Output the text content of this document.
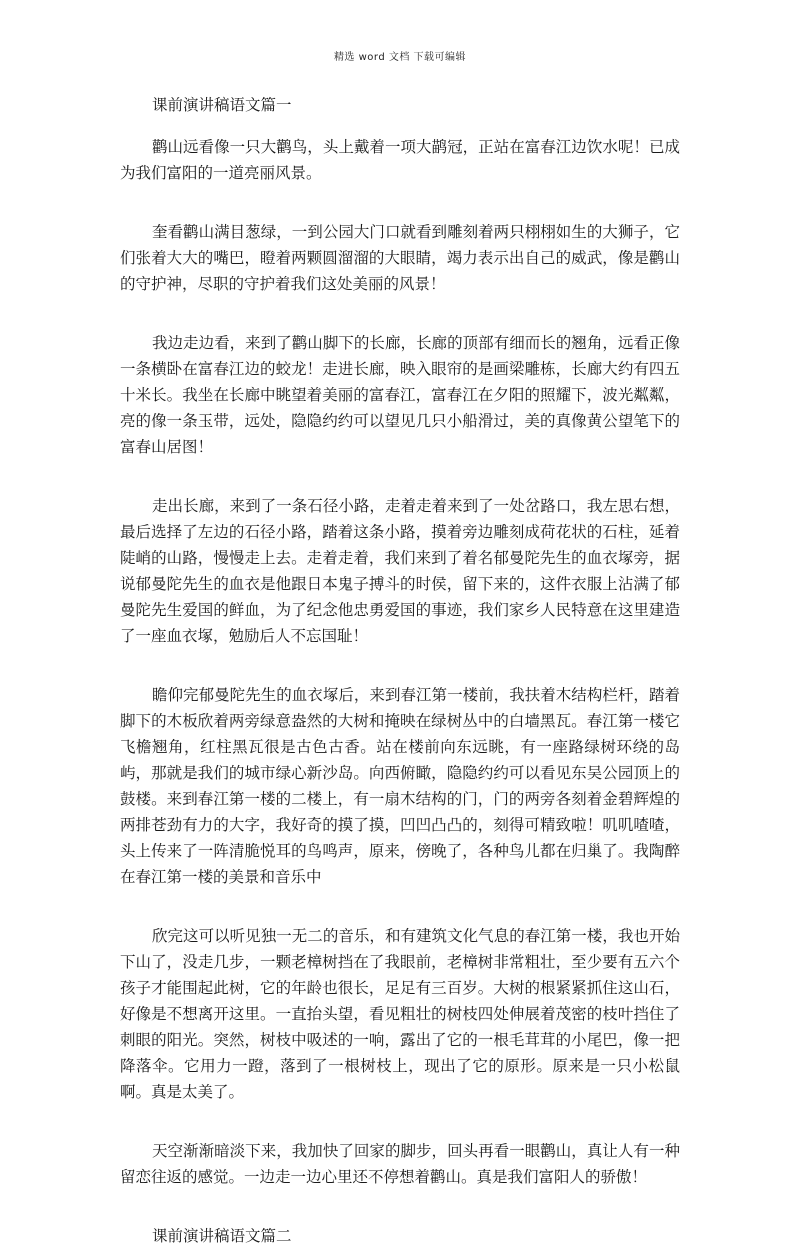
精选 word 文档 下载可编辑

课前演讲稿语文篇一

鹳山远看像一只大鹳鸟，头上戴着一项大鹋冠，正站在富春江边饮水呢！已成为我们富阳的一道亮丽风景。

奎看鹳山满目葱绿，一到公园大门口就看到雕刻着两只栩栩如生的大狮子，它们张着大大的嘴巴，瞪着两颗圆溜溜的大眼睛，竭力表示出自己的威武，像是鹳山的守护神，尽职的守护着我们这处美丽的风景！

我边走边看，来到了鹳山脚下的长廊，长廊的顶部有细而长的翘角，远看正像一条横卧在富春江边的蛟龙！走进长廊，映入眼帘的是画梁雕栋，长廊大约有四五十米长。我坐在长廊中眺望着美丽的富春江，富春江在夕阳的照耀下，波光粼粼，亮的像一条玉带，远处，隐隐约约可以望见几只小船滑过，美的真像黄公望笔下的富春山居图！

走出长廊，来到了一条石径小路，走着走着来到了一处岔路口，我左思右想，最后选择了左边的石径小路，踏着这条小路，摸着旁边雕刻成荷花状的石柱，延着陡峭的山路，慢慢走上去。走着走着，我们来到了着名郁曼陀先生的血衣塚旁，据说郁曼陀先生的血衣是他跟日本鬼子搏斗的时侯，留下来的，这件衣服上沾满了郁曼陀先生爱国的鲜血，为了纪念他忠勇爱国的事迹，我们家乡人民特意在这里建造了一座血衣塚，勉励后人不忘国耻！

瞻仰完郁曼陀先生的血衣塚后，来到春江第一楼前，我扶着木结构栏杆，踏着脚下的木板欣着两旁绿意盎然的大树和掩映在绿树丛中的白墙黑瓦。春江第一楼它飞檐翘角，红柱黑瓦很是古色古香。站在楼前向东远眺，有一座路绿树环绕的岛屿，那就是我们的城市绿心新沙岛。向西俯瞰，隐隐约约可以看见东吴公园顶上的鼓楼。来到春江第一楼的二楼上，有一扇木结构的门，门的两旁各刻着金碧辉煌的两排苍劲有力的大字，我好奇的摸了摸，凹凹凸凸的，刻得可精致啦！叽叽喳喳，头上传来了一阵清脆悦耳的鸟鸣声，原来，傍晚了，各种鸟儿都在归巢了。我陶醉在春江第一楼的美景和音乐中

欣完这可以听见独一无二的音乐，和有建筑文化气息的春江第一楼，我也开始下山了，没走几步，一颗老樟树挡在了我眼前，老樟树非常粗壮，至少要有五六个孩子才能围起此树，它的年龄也很长，足足有三百岁。大树的根紧紧抓住这山石，好像是不想离开这里。一直抬头望，看见粗壮的树枝四处伸展着茂密的枝叶挡住了刺眼的阳光。突然，树枝中吸述的一响，露出了它的一根毛茸茸的小尾巴，像一把降落伞。它用力一蹬，落到了一根树枝上，现出了它的原形。原来是一只小松鼠啊。真是太美了。

天空渐渐暗淡下来，我加快了回家的脚步，回头再看一眼鹳山，真让人有一种留恋往返的感觉。一边走一边心里还不停想着鹳山。真是我们富阳人的骄傲！

课前演讲稿语文篇二
